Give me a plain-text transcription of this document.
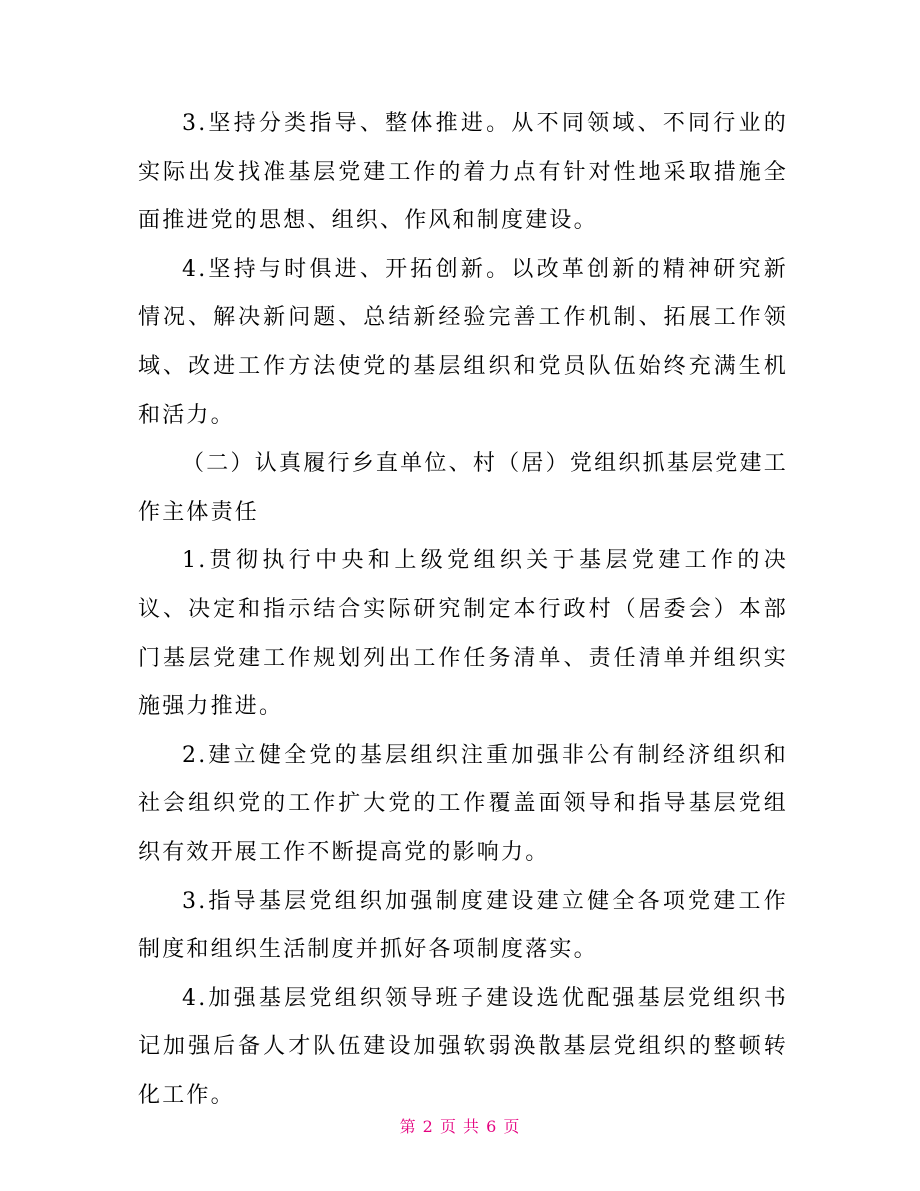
3.坚持分类指导、整体推进。从不同领域、不同行业的实际出发找准基层党建工作的着力点有针对性地采取措施全面推进党的思想、组织、作风和制度建设。

4.坚持与时俱进、开拓创新。以改革创新的精神研究新情况、解决新问题、总结新经验完善工作机制、拓展工作领域、改进工作方法使党的基层组织和党员队伍始终充满生机和活力。

（二）认真履行乡直单位、村（居）党组织抓基层党建工作主体责任

1.贯彻执行中央和上级党组织关于基层党建工作的决议、决定和指示结合实际研究制定本行政村（居委会）本部门基层党建工作规划列出工作任务清单、责任清单并组织实施强力推进。

2.建立健全党的基层组织注重加强非公有制经济组织和社会组织党的工作扩大党的工作覆盖面领导和指导基层党组织有效开展工作不断提高党的影响力。

3.指导基层党组织加强制度建设建立健全各项党建工作制度和组织生活制度并抓好各项制度落实。

4.加强基层党组织领导班子建设选优配强基层党组织书记加强后备人才队伍建设加强软弱涣散基层党组织的整顿转化工作。

第 2 页 共 6 页
